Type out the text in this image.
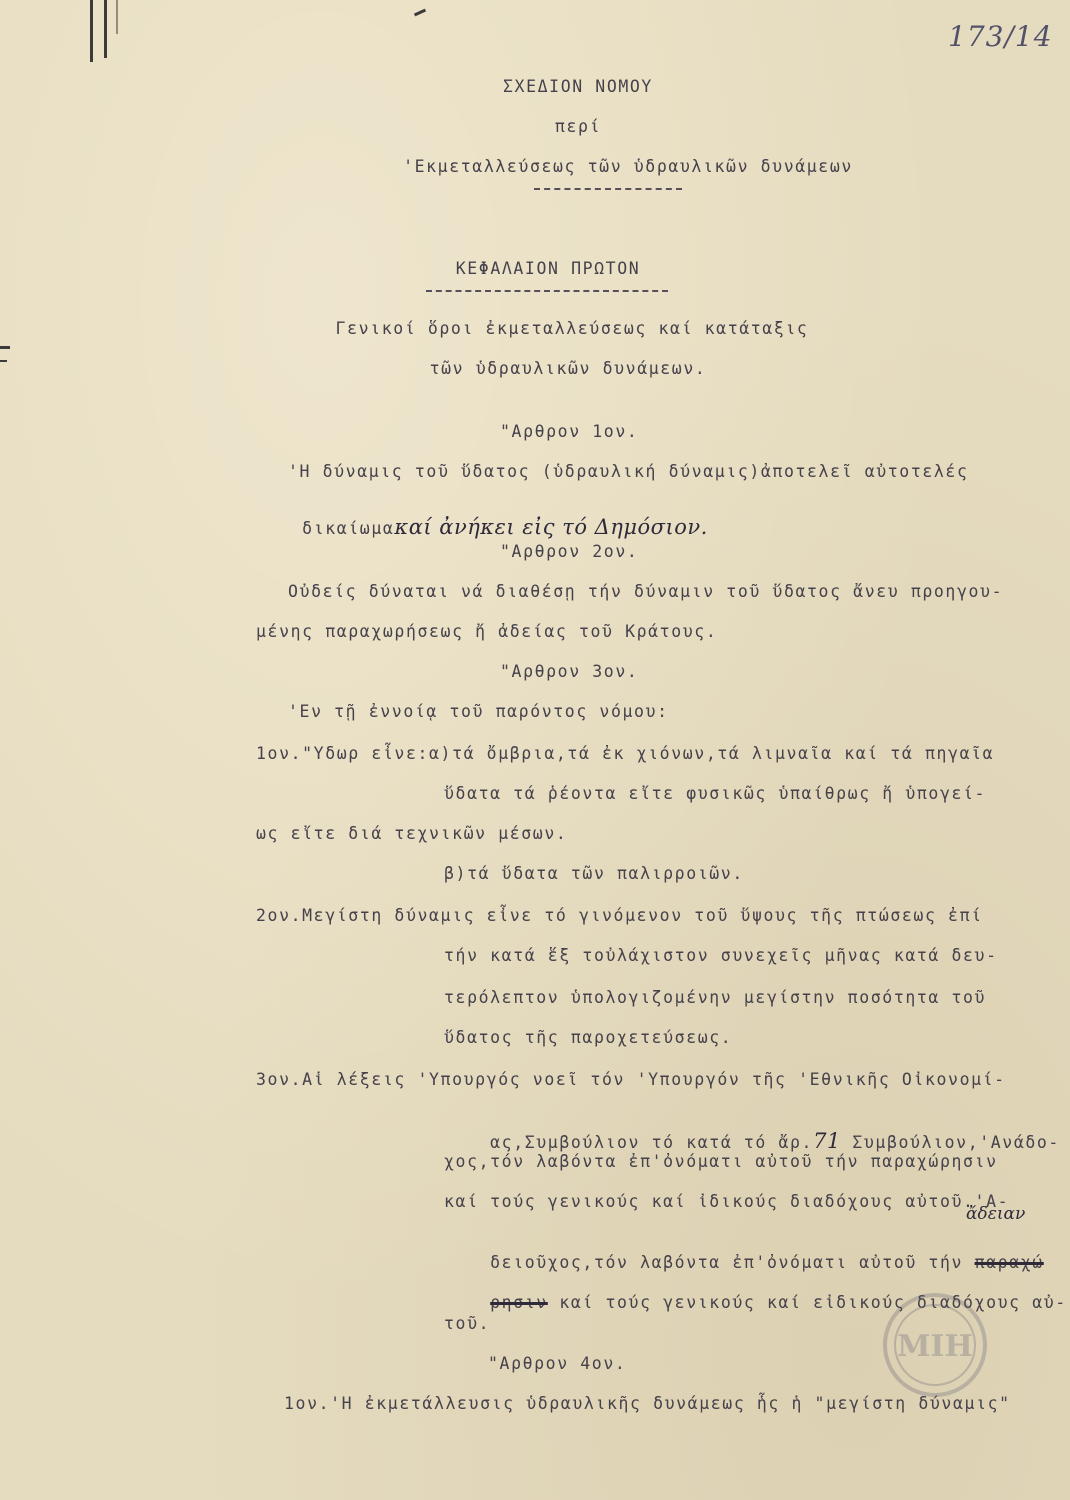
173/14
ΣΧΕΔΙΟΝ ΝΟΜΟΥ
περί
'Εκμεταλλεύσεως τῶν ὑδραυλικῶν δυνάμεων
ΚΕΦΑΛΑΙΟΝ ΠΡΩΤΟΝ
Γενικοί ὅροι ἐκμεταλλεύσεως καί κατάταξις
τῶν ὑδραυλικῶν δυνάμεων.
"Αρθρον 1ον.
'Η δύναμις τοῦ ὕδατος (ὑδραυλική δύναμις)ἀποτελεῖ αὐτοτελές

δικαίωμακαί ἀνήκει εἰς τό Δημόσιον.

"Αρθρον 2ον.
Οὐδείς δύναται νά διαθέσῃ τήν δύναμιν τοῦ ὕδατος ἄνευ προηγου-
μένης παραχωρήσεως ἤ ἀδείας τοῦ Κράτους.
"Αρθρον 3ον.
'Εν τῇ ἐννοίᾳ τοῦ παρόντος νόμου:
1ον."Υδωρ εἶνε:α)τά ὄμβρια,τά ἐκ χιόνων,τά λιμναῖα καί τά πηγαῖα
ὕδατα τά ῥέοντα εἴτε φυσικῶς ὑπαίθρως ἤ ὑπογεί-
ως εἴτε διά τεχνικῶν μέσων.
β)τά ὕδατα τῶν παλιρροιῶν.
2ον.Μεγίστη δύναμις εἶνε τό γινόμενον τοῦ ὕψους τῆς πτώσεως ἐπί
τήν κατά ἕξ τοὐλάχιστον συνεχεῖς μῆνας κατά δευ-
τερόλεπτον ὑπολογιζομένην μεγίστην ποσότητα τοῦ
ὕδατος τῆς παροχετεύσεως.
3ον.Αἱ λέξεις 'Υπουργός νοεῖ τόν 'Υπουργόν τῆς 'Εθνικῆς Οἰκονομί-

ας,Συμβούλιον τό κατά τό ἄρ.71 Συμβούλιον,'Ανάδο-

χος,τόν λαβόντα ἐπ'ὀνόματι αὐτοῦ τήν παραχώρησιν
καί τούς γενικούς καί ἰδικούς διαδόχους αὐτοῦ.'Α-
ἄδειαν

δειοῦχος,τόν λαβόντα ἐπ'ὀνόματι αὐτοῦ τήν παραχώ

ρησιν καί τούς γενικούς καί εἰδικούς διαδόχους αὐ-

τοῦ.
"Αρθρον 4ον.
1ον.'Η ἐκμετάλλευσις ὑδραυλικῆς δυνάμεως ἧς ἡ "μεγίστη δύναμις"
ΜΙΗ
